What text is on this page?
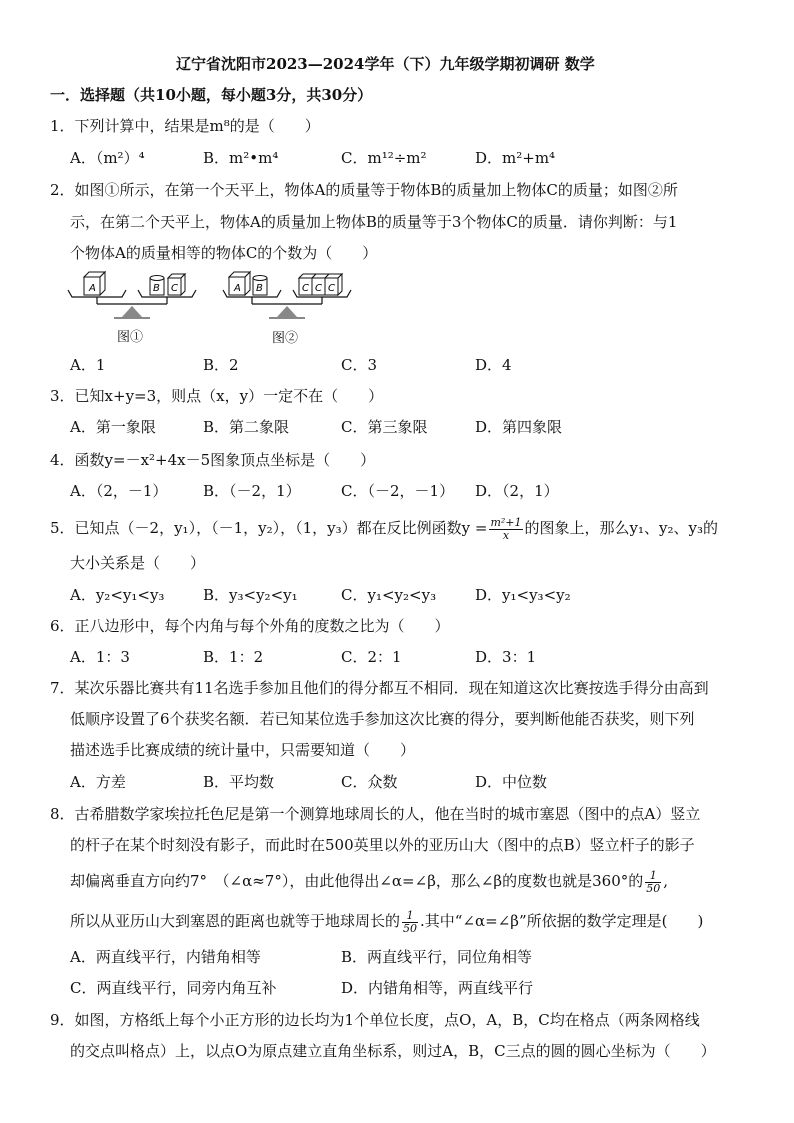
辽宁省沈阳市2023—2024学年（下）九年级学期初调研 数学
一．选择题（共10小题，每小题3分，共30分）
1．下列计算中，结果是m⁸的是（　　）
A．（m²）⁴	B．m²•m⁴	C．m¹²÷m²	D．m²+m⁴
2．如图①所示，在第一个天平上，物体A的质量等于物体B的质量加上物体C的质量；如图②所
示，在第二个天平上，物体A的质量加上物体B的质量等于3个物体C的质量．请你判断：与1
个物体A的质量相等的物体C的个数为（　　）
A	B C	A B	C C C
图①	图②
A．1	B．2	C．3	D．4
3．已知x+y=3，则点（x，y）一定不在（　　）
A．第一象限	B．第二象限	C．第三象限	D．第四象限
4．函数y=－x²+4x－5图象顶点坐标是（　　）
A．（2，－1） B．（－2，1）	C．（－2，－1） D．（2，1）
5．已知点（－2，y₁），（－1，y₂），（1，y₃）都在反比例函数$y = \frac{\text{m²+1}}{x}$ 的图象上，那么y₁、y₂、y₃的
大小关系是（　　）
A．y₂<y₁<y₃	B．y₃<y₂<y₁	C．y₁<y₂<y₃	D．y₁<y₃<y₂
6．正八边形中，每个内角与每个外角的度数之比为（　　）
A．1：3	B．1：2	C．2：1	D．3：1
7．某次乐器比赛共有11名选手参加且他们的得分都互不相同．现在知道这次比赛按选手得分由高到
低顺序设置了6个获奖名额．若已知某位选手参加这次比赛的得分，要判断他能否获奖，则下列
描述选手比赛成绩的统计量中，只需要知道（　　）
A．方差	B．平均数	C．众数	D．中位数
8．古希腊数学家埃拉托色尼是第一个测算地球周长的人，他在当时的城市塞恩（图中的点A）竖立
的杆子在某个时刻没有影子，而此时在500英里以外的亚历山大（图中的点B）竖立杆子的影子
却偏离垂直方向约7°　（∠α≈7°），由此他得出∠α=∠β，那么∠β的度数也就是360°的 $\frac{1}{50}$ ,
所以从亚历山大到塞恩的距离也就等于地球周长的 $\frac{1}{50}$ .其中“∠α=∠β”所依据的数学定理是(　　)
A．两直线平行，内错角相等	B．两直线平行，同位角相等
C．两直线平行，同旁内角互补	D．内错角相等，两直线平行
9．如图，方格纸上每个小正方形的边长均为1个单位长度，点O，A，B，C均在格点（两条网格线
的交点叫格点）上，以点O为原点建立直角坐标系，则过A，B，C三点的圆的圆心坐标为（　　）
